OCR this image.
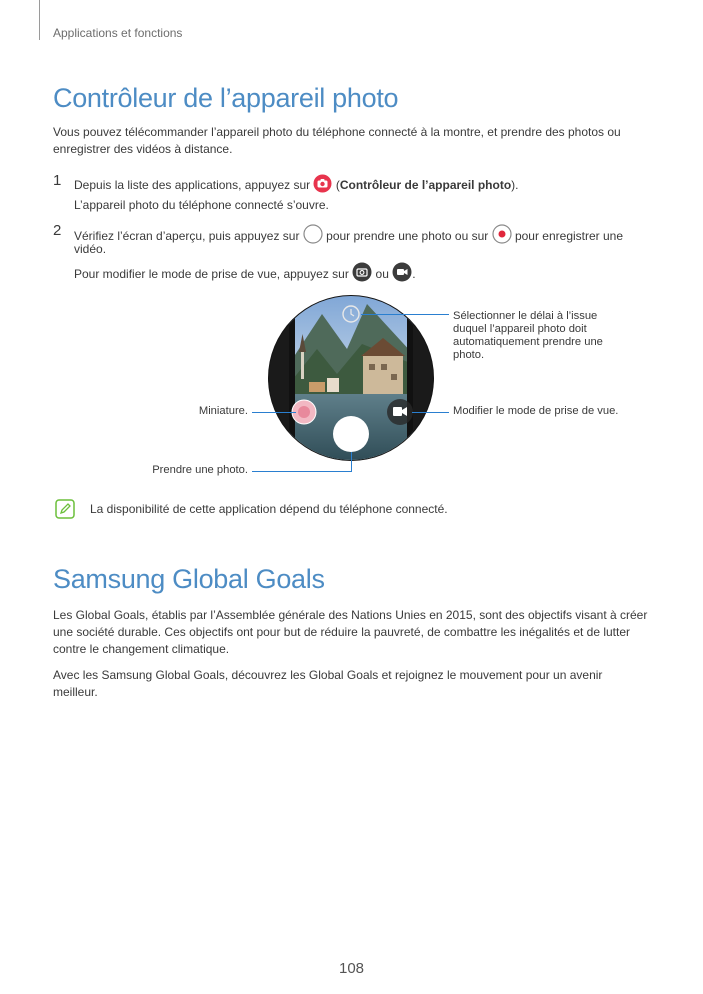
Applications et fonctions
Contrôleur de l’appareil photo
Vous pouvez télécommander l’appareil photo du téléphone connecté à la montre, et prendre des photos ou enregistrer des vidéos à distance.
1 Depuis la liste des applications, appuyez sur (Contrôleur de l’appareil photo).
L’appareil photo du téléphone connecté s’ouvre.
2 Vérifiez l’écran d’aperçu, puis appuyez sur pour prendre une photo ou sur pour enregistrer une
vidéo.
Pour modifier le mode de prise de vue, appuyez sur ou .
Sélectionner le délai à l’issue duquel l’appareil photo doit automatiquement prendre une photo.
Miniature.	Modifier le mode de prise de vue.
Prendre une photo.
La disponibilité de cette application dépend du téléphone connecté.
Samsung Global Goals
Les Global Goals, établis par l’Assemblée générale des Nations Unies en 2015, sont des objectifs visant à créer une société durable. Ces objectifs ont pour but de réduire la pauvreté, de combattre les inégalités et de lutter contre le changement climatique.
Avec les Samsung Global Goals, découvrez les Global Goals et rejoignez le mouvement pour un avenir meilleur.
108
